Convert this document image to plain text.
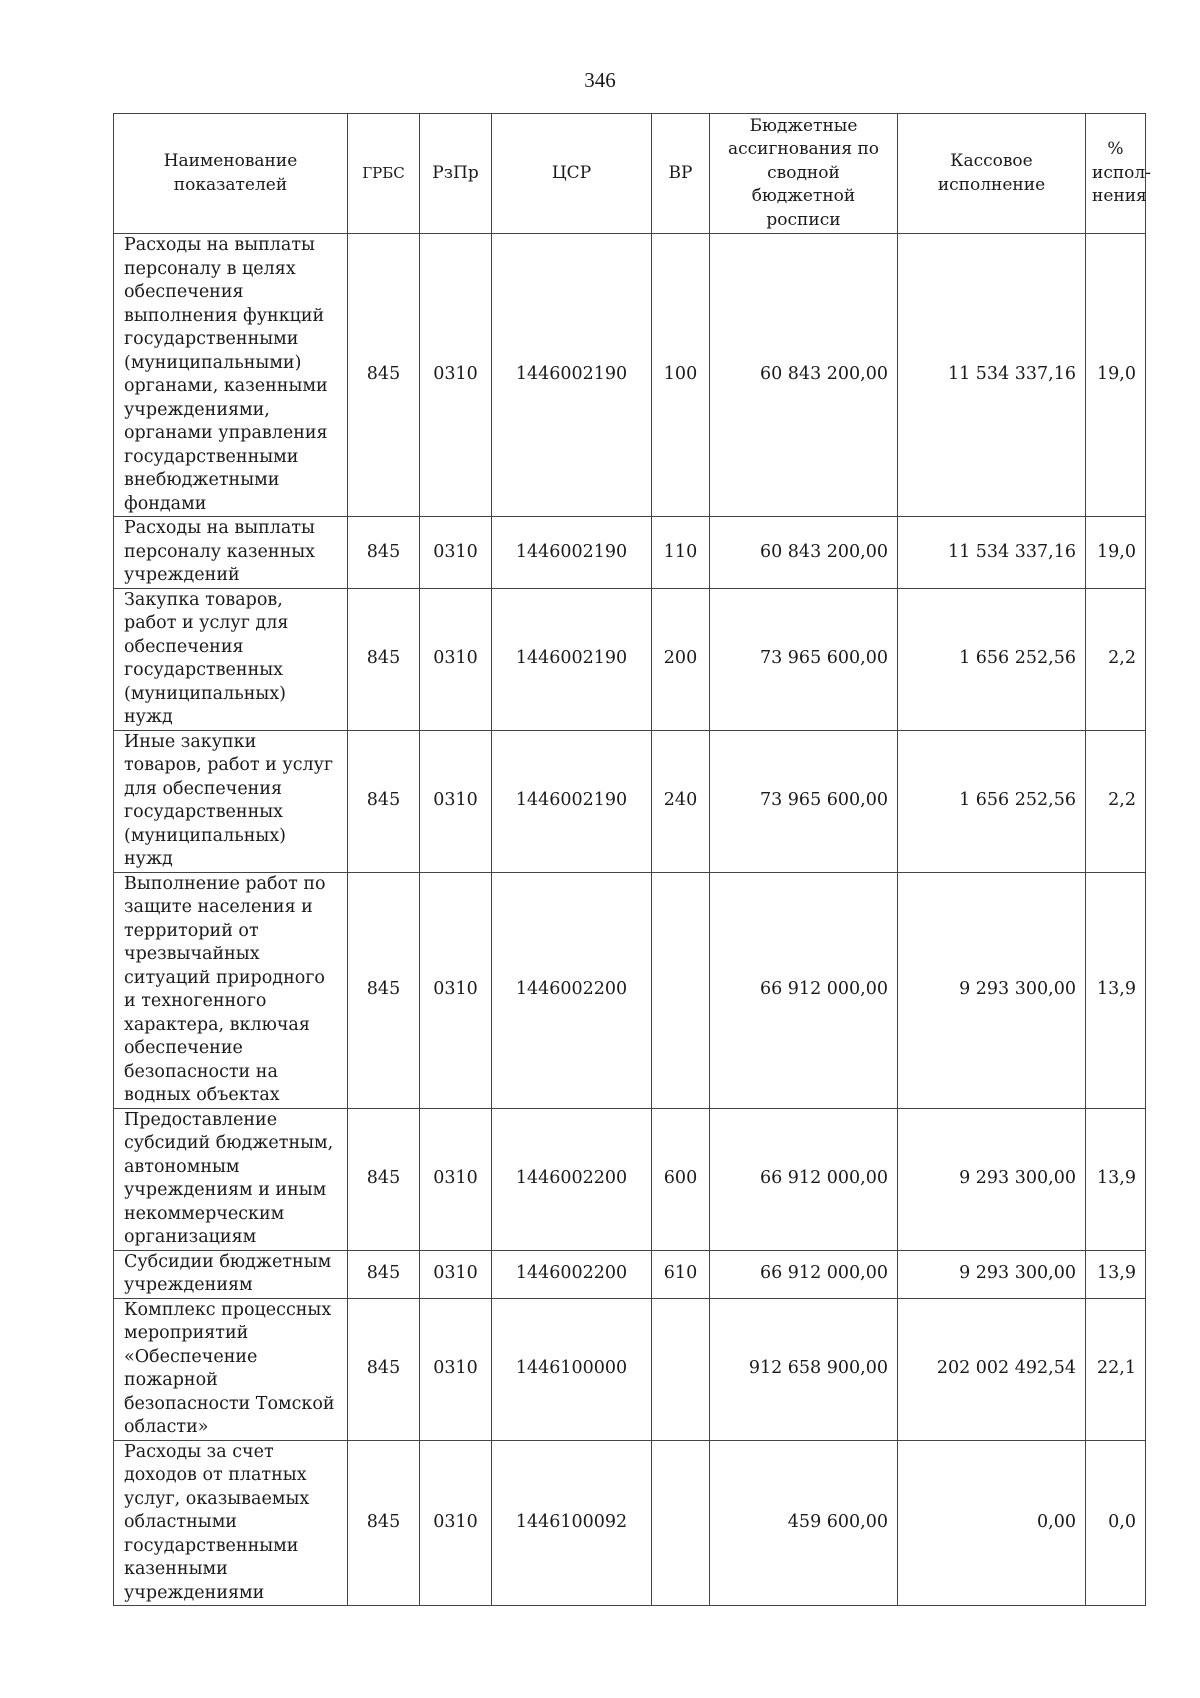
346
Наименование показателей	ГРБС	РзПр	ЦСР	ВР	Бюджетные ассигнования по сводной бюджетной росписи	Кассовое исполнение	% испол-нения
Расходы на выплаты персоналу в целях обеспечения выполнения функций государственными (муниципальными) органами, казенными учреждениями, органами управления государственными внебюджетными фондами	845	0310	1446002190	100	60 843 200,00	11 534 337,16	19,0
Расходы на выплаты персоналу казенных учреждений	845	0310	1446002190	110	60 843 200,00	11 534 337,16	19,0
Закупка товаров, работ и услуг для обеспечения государственных (муниципальных) нужд	845	0310	1446002190	200	73 965 600,00	1 656 252,56	2,2
Иные закупки товаров, работ и услуг для обеспечения государственных (муниципальных) нужд	845	0310	1446002190	240	73 965 600,00	1 656 252,56	2,2
Выполнение работ по защите населения и территорий от чрезвычайных ситуаций природного и техногенного характера, включая обеспечение безопасности на водных объектах	845	0310	1446002200		66 912 000,00	9 293 300,00	13,9
Предоставление субсидий бюджетным, автономным учреждениям и иным некоммерческим организациям	845	0310	1446002200	600	66 912 000,00	9 293 300,00	13,9
Субсидии бюджетным учреждениям	845	0310	1446002200	610	66 912 000,00	9 293 300,00	13,9
Комплекс процессных мероприятий «Обеспечение пожарной безопасности Томской области»	845	0310	1446100000		912 658 900,00	202 002 492,54	22,1
Расходы за счет доходов от платных услуг, оказываемых областными государственными казенными учреждениями	845	0310	1446100092		459 600,00	0,00	0,0
